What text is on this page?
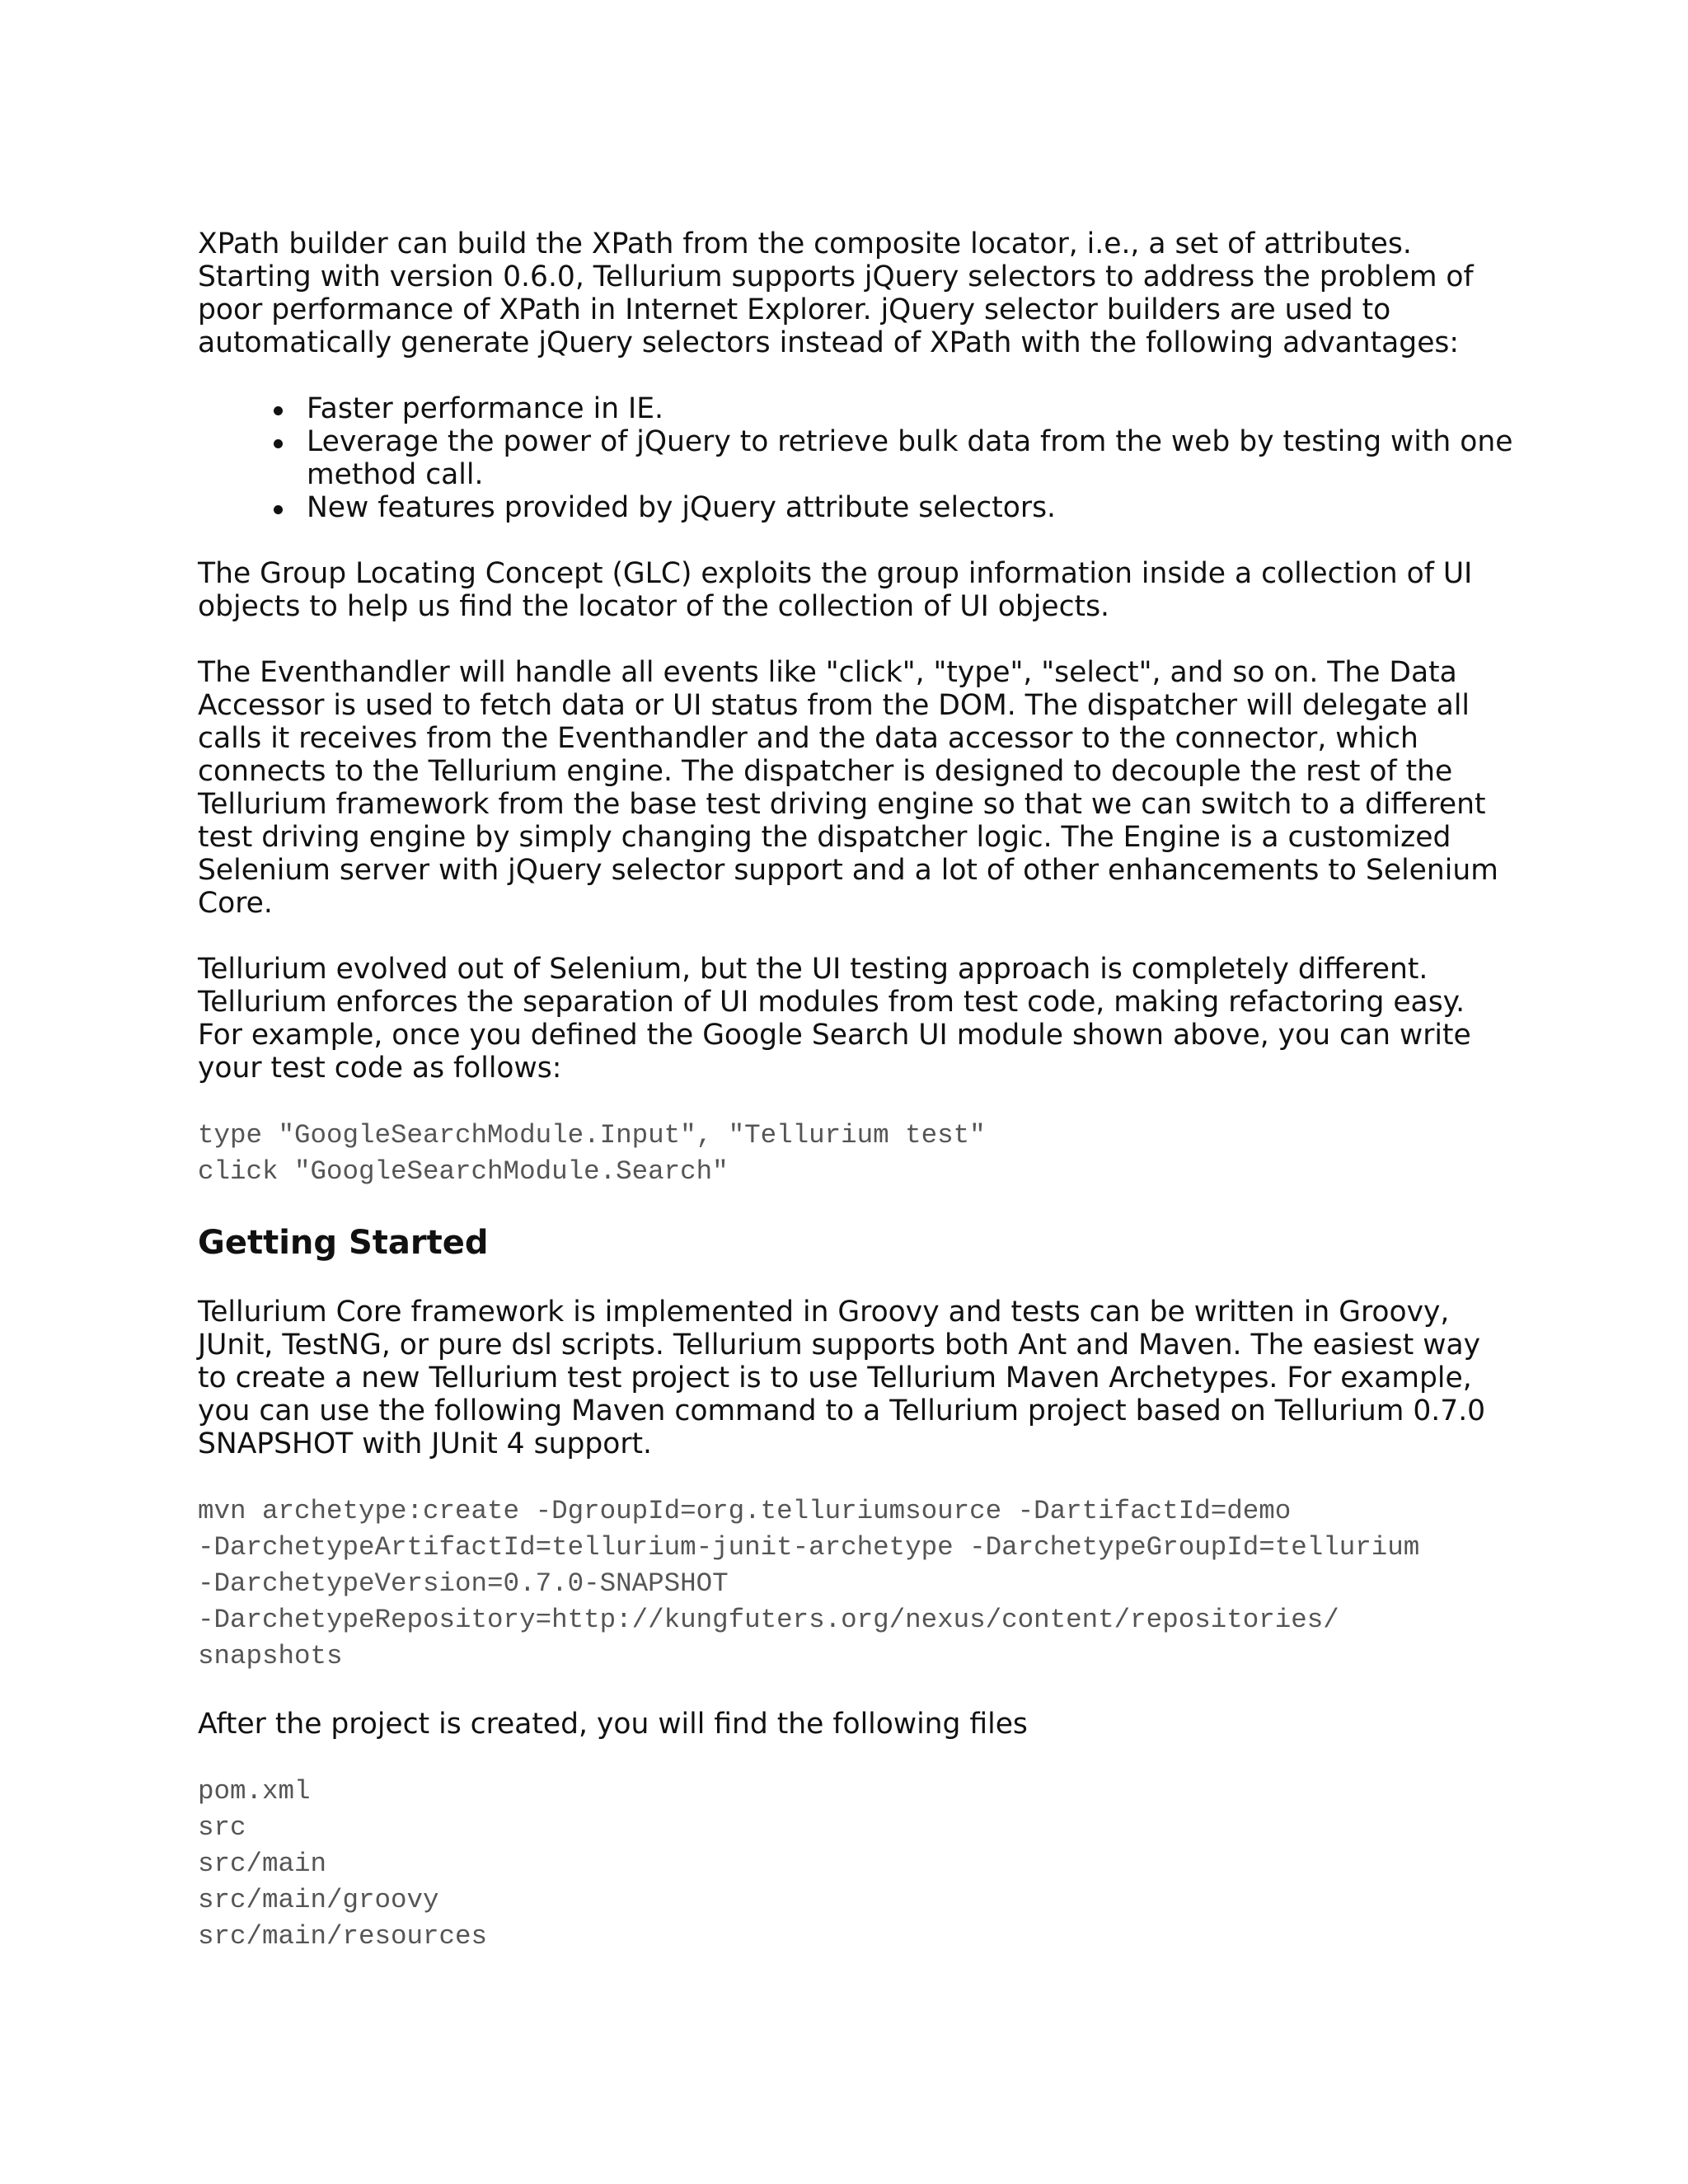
XPath builder can build the XPath from the composite locator, i.e., a set of attributes.
Starting with version 0.6.0, Tellurium supports jQuery selectors to address the problem of
poor performance of XPath in Internet Explorer. jQuery selector builders are used to
automatically generate jQuery selectors instead of XPath with the following advantages:

Faster performance in IE.
Leverage the power of jQuery to retrieve bulk data from the web by testing with one
method call.
New features provided by jQuery attribute selectors.

The Group Locating Concept (GLC) exploits the group information inside a collection of UI
objects to help us find the locator of the collection of UI objects.

The Eventhandler will handle all events like "click", "type", "select", and so on. The Data
Accessor is used to fetch data or UI status from the DOM. The dispatcher will delegate all
calls it receives from the Eventhandler and the data accessor to the connector, which
connects to the Tellurium engine. The dispatcher is designed to decouple the rest of the
Tellurium framework from the base test driving engine so that we can switch to a different
test driving engine by simply changing the dispatcher logic. The Engine is a customized
Selenium server with jQuery selector support and a lot of other enhancements to Selenium
Core.

Tellurium evolved out of Selenium, but the UI testing approach is completely different.
Tellurium enforces the separation of UI modules from test code, making refactoring easy.
For example, once you defined the Google Search UI module shown above, you can write
your test code as follows:

type "GoogleSearchModule.Input", "Tellurium test"
click "GoogleSearchModule.Search"
Getting Started

Tellurium Core framework is implemented in Groovy and tests can be written in Groovy,
JUnit, TestNG, or pure dsl scripts. Tellurium supports both Ant and Maven. The easiest way
to create a new Tellurium test project is to use Tellurium Maven Archetypes. For example,
you can use the following Maven command to a Tellurium project based on Tellurium 0.7.0
SNAPSHOT with JUnit 4 support.

mvn archetype:create -DgroupId=org.telluriumsource -DartifactId=demo
-DarchetypeArtifactId=tellurium-junit-archetype -DarchetypeGroupId=tellurium
-DarchetypeVersion=0.7.0-SNAPSHOT
-DarchetypeRepository=http://kungfuters.org/nexus/content/repositories/
snapshots

After the project is created, you will find the following files

pom.xml
src
src/main
src/main/groovy
src/main/resources
